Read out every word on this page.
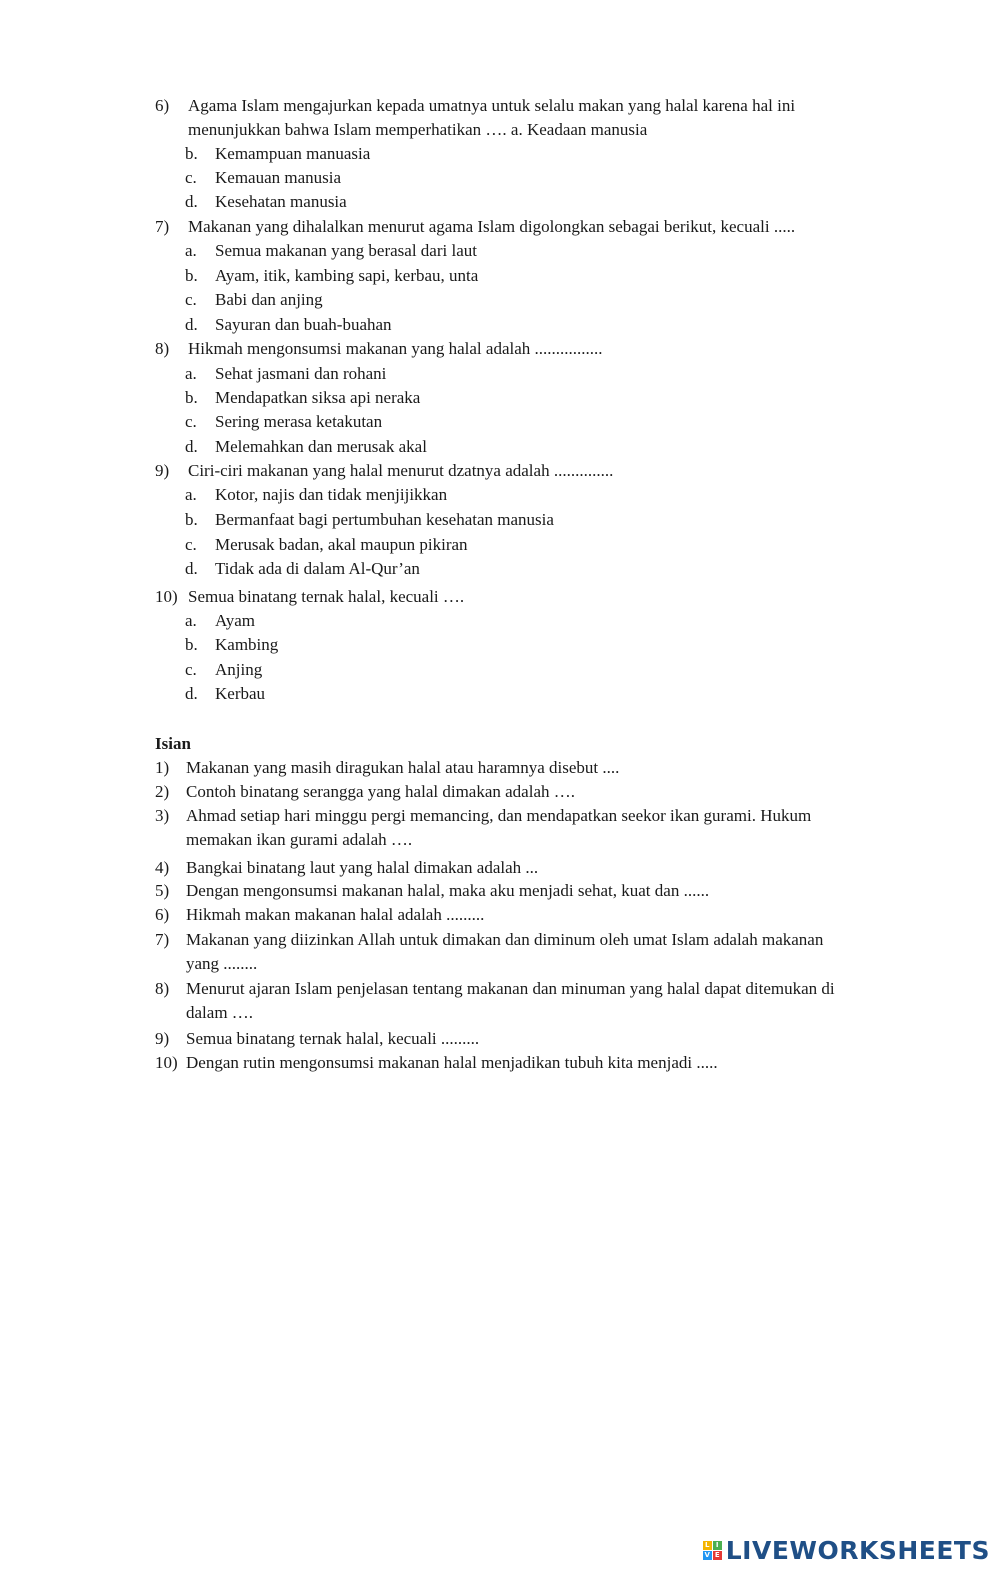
6) Agama Islam mengajurkan kepada umatnya untuk selalu makan yang halal karena hal ini
menunjukkan bahwa Islam memperhatikan …. a. Keadaan manusia
b. Kemampuan manuasia
c. Kemauan manusia
d. Kesehatan manusia
7) Makanan yang dihalalkan menurut agama Islam digolongkan sebagai berikut, kecuali .....
a. Semua makanan yang berasal dari laut
b. Ayam, itik, kambing sapi, kerbau, unta
c. Babi dan anjing
d. Sayuran dan buah-buahan
8) Hikmah mengonsumsi makanan yang halal adalah ................
a. Sehat jasmani dan rohani
b. Mendapatkan siksa api neraka
c. Sering merasa ketakutan
d. Melemahkan dan merusak akal
9) Ciri-ciri makanan yang halal menurut dzatnya adalah ..............
a. Kotor, najis dan tidak menjijikkan
b. Bermanfaat bagi pertumbuhan kesehatan manusia
c. Merusak badan, akal maupun pikiran
d. Tidak ada di dalam Al-Qur’an
10) Semua binatang ternak halal, kecuali ….
a. Ayam
b. Kambing
c. Anjing
d. Kerbau
Isian
1) Makanan yang masih diragukan halal atau haramnya disebut ....
2) Contoh binatang serangga yang halal dimakan adalah ….
3) Ahmad setiap hari minggu pergi memancing, dan mendapatkan seekor ikan gurami. Hukum
memakan ikan gurami adalah ….
4) Bangkai binatang laut yang halal dimakan adalah ...
5) Dengan mengonsumsi makanan halal, maka aku menjadi sehat, kuat dan ......
6) Hikmah makan makanan halal adalah .........
7) Makanan yang diizinkan Allah untuk dimakan dan diminum oleh umat Islam adalah makanan
yang ........
8) Menurut ajaran Islam penjelasan tentang makanan dan minuman yang halal dapat ditemukan di
dalam ….
9) Semua binatang ternak halal, kecuali .........
10) Dengan rutin mengonsumsi makanan halal menjadikan tubuh kita menjadi .....
L I
V E LIVEWORKSHEETS
